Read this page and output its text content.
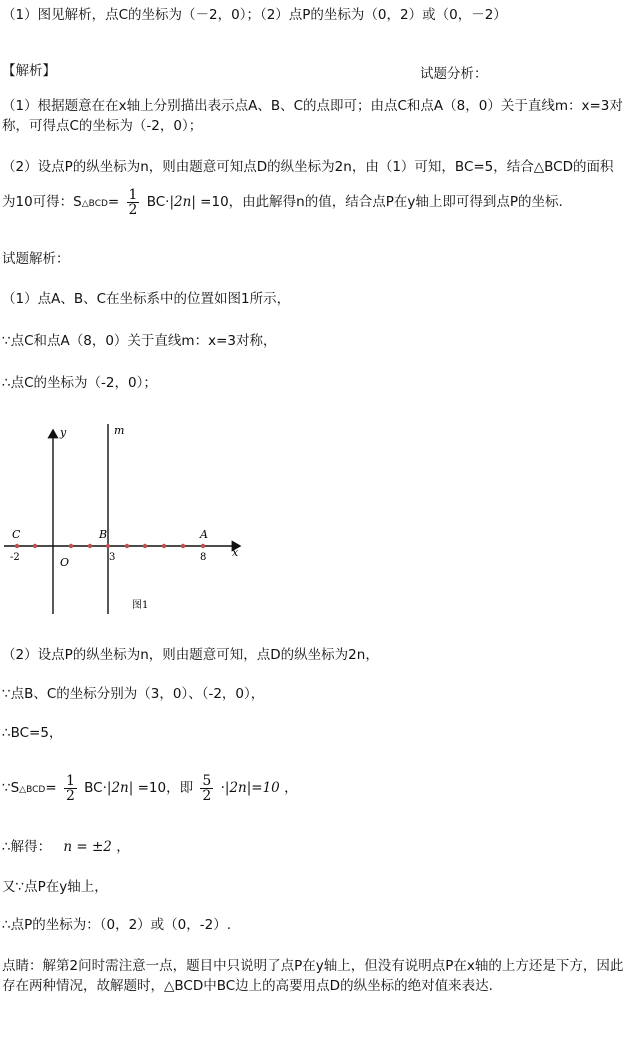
（1）图见解析，点C的坐标为（－2，0）；（2）点P的坐标为（0，2）或（0，－2）
【解析】	试题分析：
（1）根据题意在在x轴上分别描出表示点A、B、C的点即可；由点C和点A（8，0）关于直线m：x=3对称，可得点C的坐标为（-2，0）；
（2）设点P的纵坐标为n，则由题意可知点D的纵坐标为2n，由（1）可知，BC=5，结合△BCD的面积
为10可得：S△BCD= $\frac{1}{2} BC\cdot|2n| =10$，由此解得n的值，结合点P在y轴上即可得到点P的坐标.
试题解析：
（1）点A、B、C在坐标系中的位置如图1所示，
∵点C和点A（8，0）关于直线m：x=3对称，
∴点C的坐标为（-2，0）；
y	m
x
C	B	A
O
-2	3	8
图1
（2）设点P的纵坐标为n，则由题意可知，点D的纵坐标为2n，
∵点B、C的坐标分别为（3，0）、（-2，0），
∴BC=5，
∵S△BCD= $\frac{1}{2} BC\cdot|2n| =10$，即 $\frac{5}{2} \cdot|2n|=10$ ，
∴解得： n = ±2 ，
又∵点P在y轴上，
∴点P的坐标为：（0，2）或（0，-2）.
点睛：解第2问时需注意一点，题目中只说明了点P在y轴上，但没有说明点P在x轴的上方还是下方，因此存在两种情况，故解题时，△BCD中BC边上的高要用点D的纵坐标的绝对值来表达.
